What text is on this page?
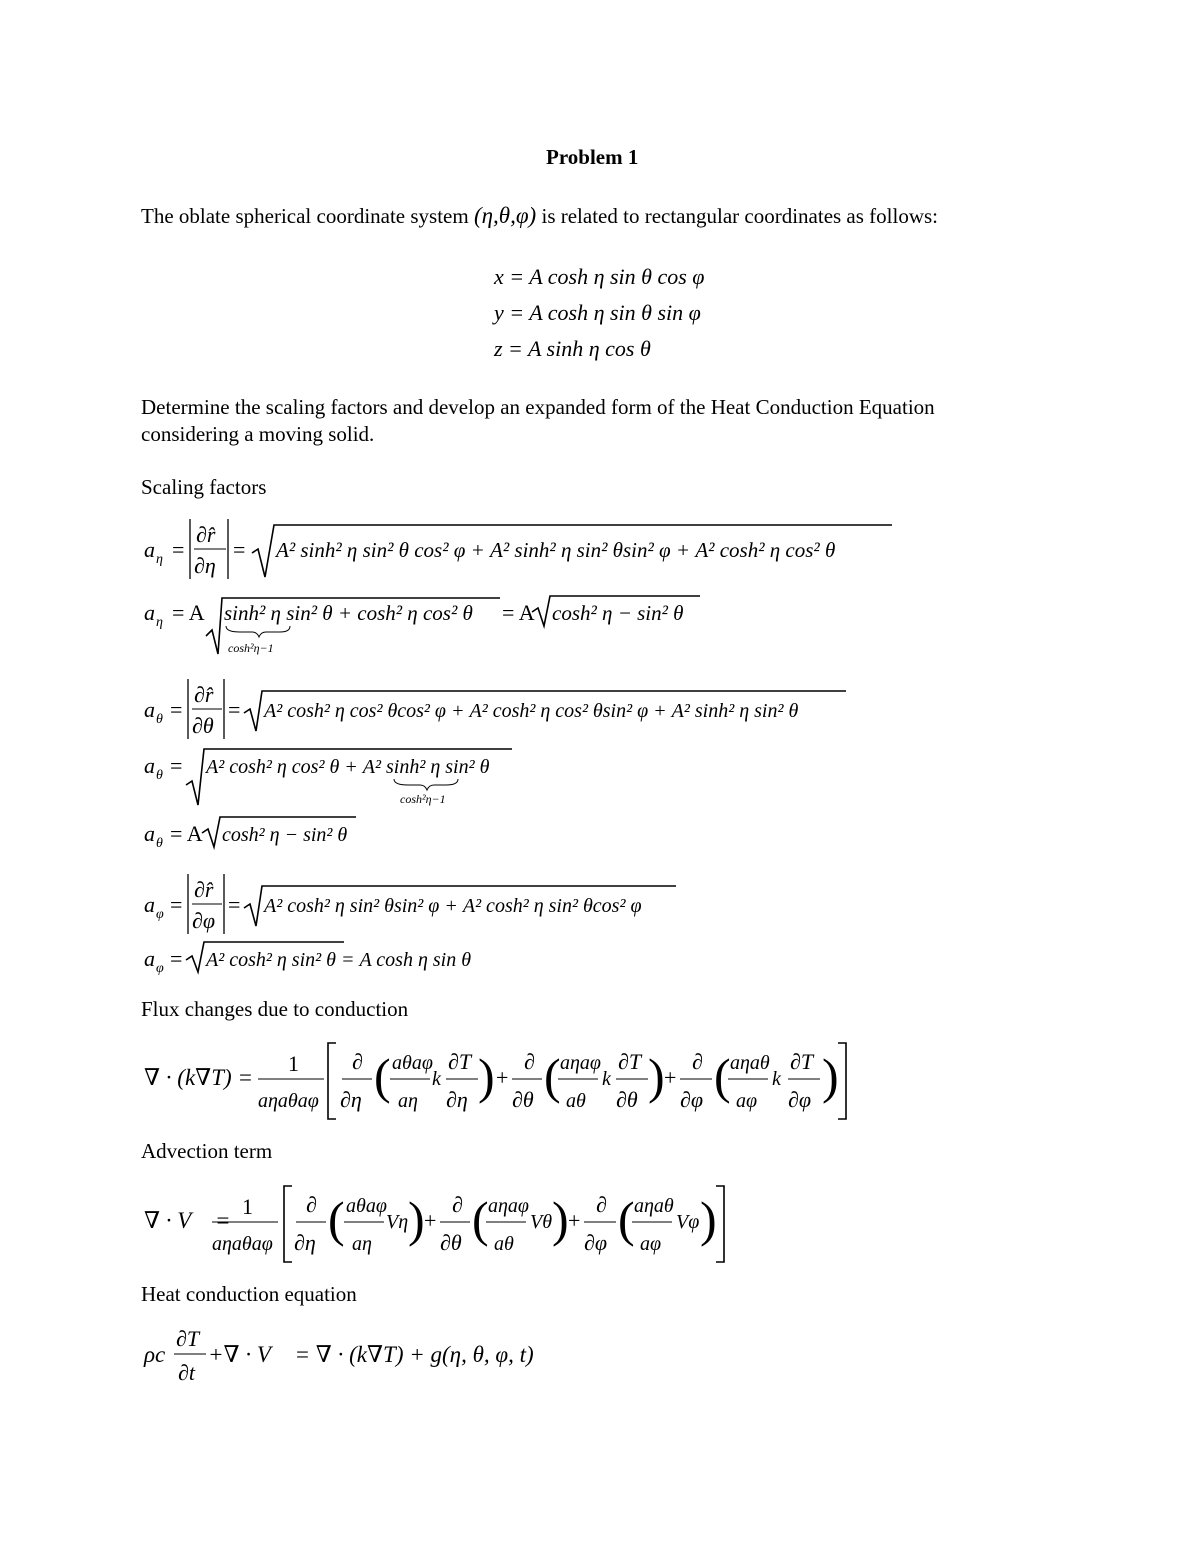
Problem 1
The oblate spherical coordinate system (η,θ,φ) is related to rectangular coordinates as follows:
x = A cosh η sin θ cos φ
y = A cosh η sin θ sin φ
z = A sinh η cos θ
Determine the scaling factors and develop an expanded form of the Heat Conduction Equation
considering a moving solid.
Scaling factors
a η =
∂r̂
∂η
= A² sinh² η sin² θ cos² φ + A² sinh² η sin² θsin² φ + A² cosh² η cos² θ
a η = A sinh² η sin² θ + cosh² η cos² θ
cosh²η−1
= A cosh² η − sin² θ
a θ =
∂r̂
∂θ
= A² cosh² η cos² θcos² φ + A² cosh² η cos² θsin² φ + A² sinh² η sin² θ
a θ = A² cosh² η cos² θ + A² sinh² η sin² θ
cosh²η−1
a θ = A cosh² η − sin² θ
a φ =
∂r̂
∂φ
= A² cosh² η sin² θsin² φ + A² cosh² η sin² θcos² φ
a φ = A² cosh² η sin² θ = A cosh η sin θ
Flux changes due to conduction
∇ · (k∇T) =
1
aηaθaφ
∂
∂η ( aθaφ
aη
k
∂T
∂η ) +
∂
∂θ ( aηaφ
aθ
k
∂T
∂θ ) +
∂
∂φ ( aηaθ
aφ
k
∂T
∂φ )
Advection term
∇ · V⃗ =
1
aηaθaφ
∂
∂η ( aθaφ
aη
Vη ) +
∂
∂θ ( aηaφ
aθ
Vθ ) +
∂
∂φ ( aηaθ
aφ
Vφ )
Heat conduction equation
ρc
∂T
∂t
+∇ · V⃗ = ∇ · (k∇T) + g(η, θ, φ, t)
